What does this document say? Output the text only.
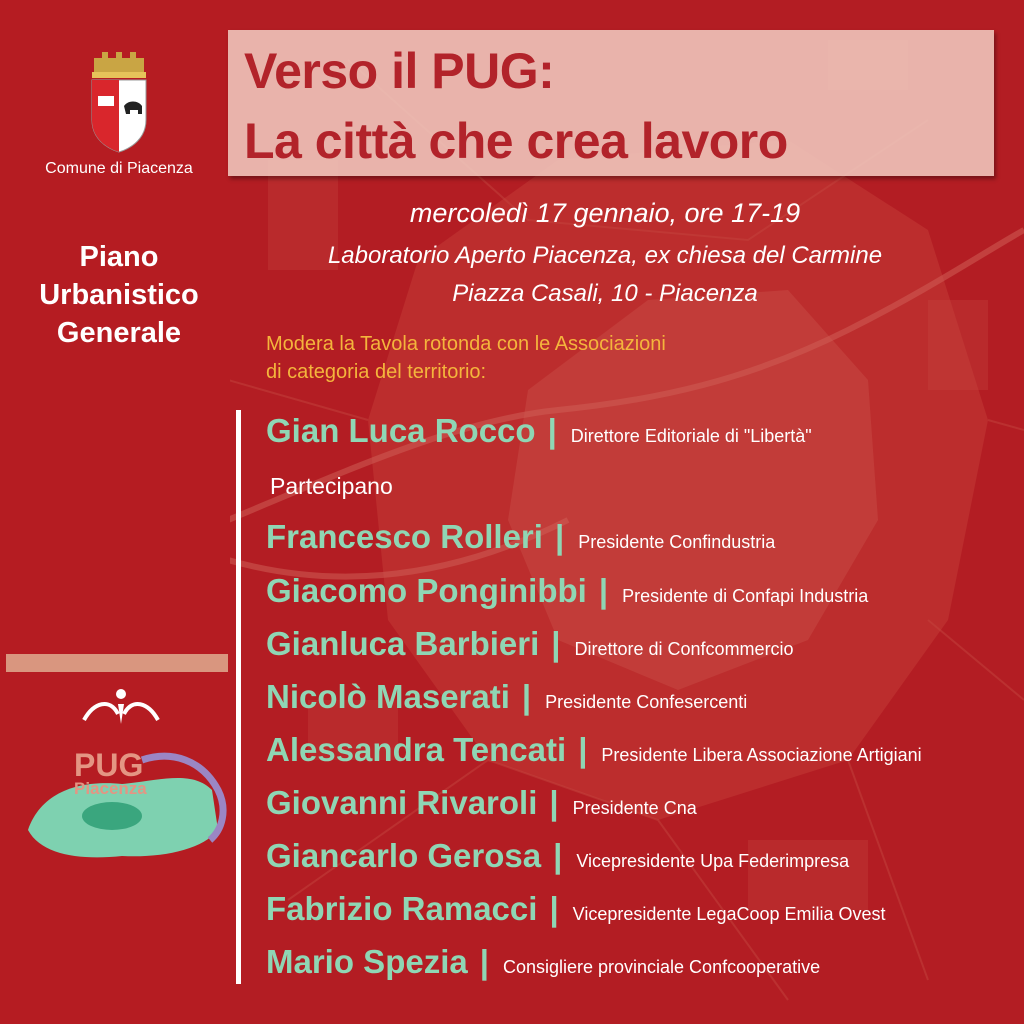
Comune di Piacenza
Piano
Urbanistico
Generale
PUG
Piacenza
Verso il PUG:
La città che crea lavoro
mercoledì 17 gennaio, ore 17-19
Laboratorio Aperto Piacenza, ex chiesa del Carmine
Piazza Casali, 10 - Piacenza
Modera la Tavola rotonda con le Associazioni
di categoria del territorio:
Gian Luca Rocco | Direttore Editoriale di "Libertà"
Partecipano
Francesco Rolleri | Presidente Confindustria
Giacomo Ponginibbi | Presidente di Confapi Industria
Gianluca Barbieri | Direttore di Confcommercio
Nicolò Maserati | Presidente Confesercenti
Alessandra Tencati | Presidente Libera Associazione Artigiani
Giovanni Rivaroli | Presidente Cna
Giancarlo Gerosa | Vicepresidente Upa Federimpresa
Fabrizio Ramacci | Vicepresidente LegaCoop Emilia Ovest
Mario Spezia | Consigliere provinciale Confcooperative
